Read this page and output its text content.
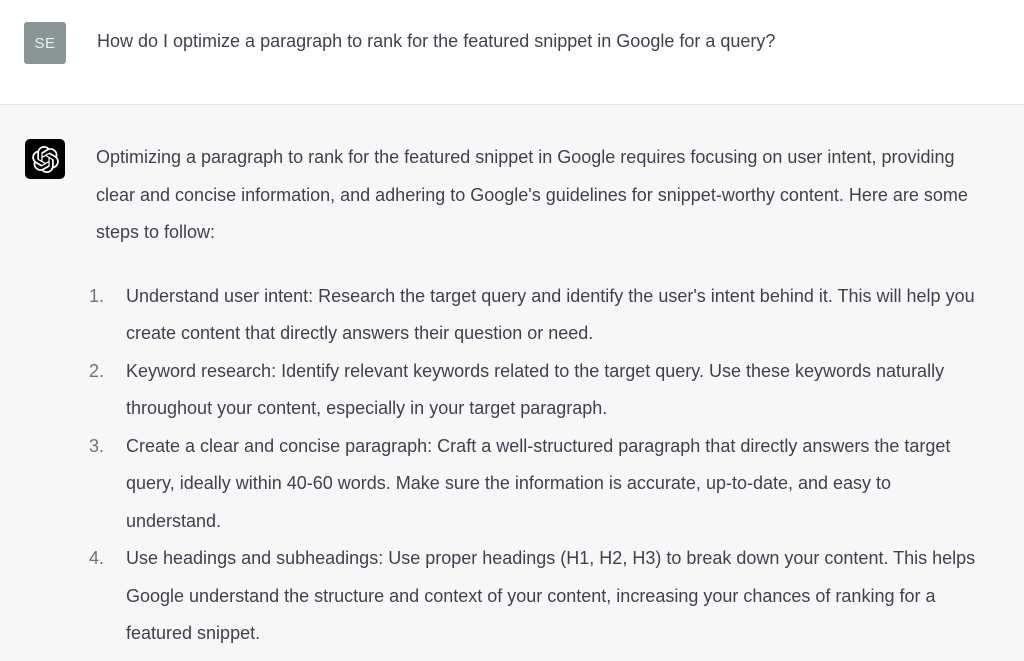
SE	How do I optimize a paragraph to rank for the featured snippet in Google for a query?

Optimizing a paragraph to rank for the featured snippet in Google requires focusing on user intent, providing clear and concise information, and adhering to Google's guidelines for snippet-worthy content. Here are some steps to follow:

1.	Understand user intent: Research the target query and identify the user's intent behind it. This will help you create content that directly answers their question or need.
2.	Keyword research: Identify relevant keywords related to the target query. Use these keywords naturally throughout your content, especially in your target paragraph.
3.	Create a clear and concise paragraph: Craft a well-structured paragraph that directly answers the target query, ideally within 40-60 words. Make sure the information is accurate, up-to-date, and easy to understand.
4.	Use headings and subheadings: Use proper headings (H1, H2, H3) to break down your content. This helps Google understand the structure and context of your content, increasing your chances of ranking for a featured snippet.
